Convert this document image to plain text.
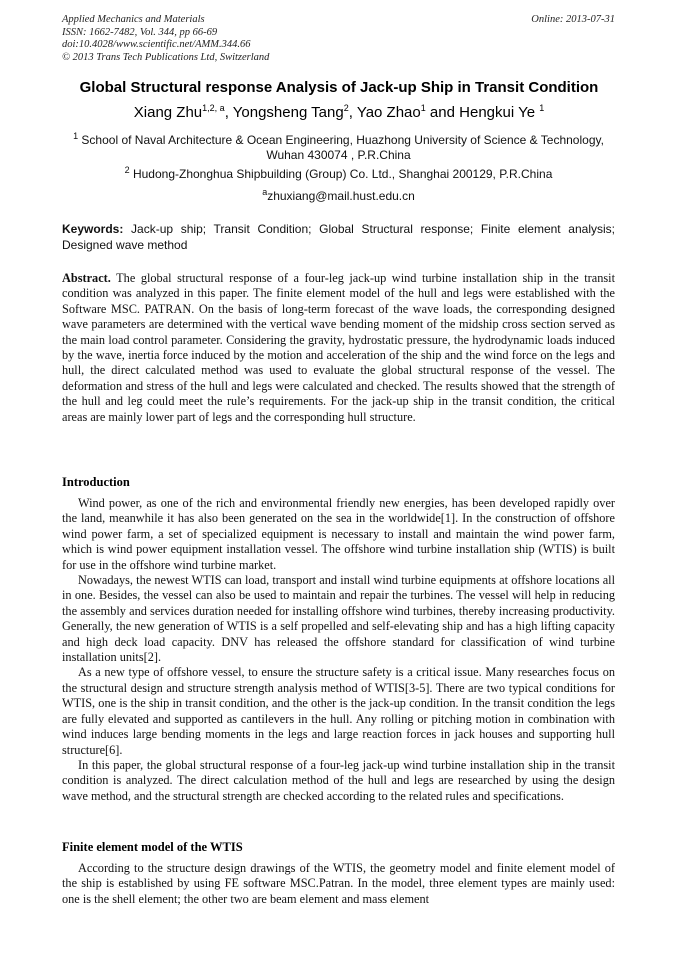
Applied Mechanics and Materials
ISSN: 1662-7482, Vol. 344, pp 66-69
doi:10.4028/www.scientific.net/AMM.344.66
© 2013 Trans Tech Publications Ltd, Switzerland
Online: 2013-07-31
Global Structural response Analysis of Jack-up Ship in Transit Condition
Xiang Zhu$^{1,2, a}$, Yongsheng Tang$^2$, Yao Zhao$^1$ and Hengkui Ye $^1$
$^1$ School of Naval Architecture & Ocean Engineering, Huazhong University of Science & Technology, Wuhan 430074 , P.R.China
$^2$ Hudong-Zhonghua Shipbuilding (Group) Co. Ltd., Shanghai 200129, P.R.China
$^a$zhuxiang@mail.hust.edu.cn
Keywords: Jack-up ship; Transit Condition; Global Structural response; Finite element analysis; Designed wave method
Abstract. The global structural response of a four-leg jack-up wind turbine installation ship in the transit condition was analyzed in this paper. The finite element model of the hull and legs were established with the Software MSC. PATRAN. On the basis of long-term forecast of the wave loads, the corresponding designed wave parameters are determined with the vertical wave bending moment of the midship cross section served as the main load control parameter. Considering the gravity, hydrostatic pressure, the hydrodynamic loads induced by the wave, inertia force induced by the motion and acceleration of the ship and the wind force on the legs and hull, the direct calculated method was used to evaluate the global structural response of the vessel. The deformation and stress of the hull and legs were calculated and checked. The results showed that the strength of the hull and leg could meet the rule’s requirements. For the jack-up ship in the transit condition, the critical areas are mainly lower part of legs and the corresponding hull structure.
Introduction

Wind power, as one of the rich and environmental friendly new energies, has been developed rapidly over the land, meanwhile it has also been generated on the sea in the worldwide[1]. In the construction of offshore wind power farm, a set of specialized equipment is necessary to install and maintain the wind power farm, which is wind power equipment installation vessel. The offshore wind turbine installation ship (WTIS) is built for use in the offshore wind turbine market.

Nowadays, the newest WTIS can load, transport and install wind turbine equipments at offshore locations all in one. Besides, the vessel can also be used to maintain and repair the turbines. The vessel will help in reducing the assembly and services duration needed for installing offshore wind turbines, thereby increasing productivity. Generally, the new generation of WTIS is a self propelled and self-elevating ship and has a high lifting capacity and high deck load capacity. DNV has released the offshore standard for classification of wind turbine installation units[2].

As a new type of offshore vessel, to ensure the structure safety is a critical issue. Many researches focus on the structural design and structure strength analysis method of WTIS[3-5]. There are two typical conditions for WTIS, one is the ship in transit condition, and the other is the jack-up condition. In the transit condition the legs are fully elevated and supported as cantilevers in the hull. Any rolling or pitching motion in combination with wind induces large bending moments in the legs and large reaction forces in jack houses and supporting hull structure[6].

In this paper, the global structural response of a four-leg jack-up wind turbine installation ship in the transit condition is analyzed. The direct calculation method of the hull and legs are researched by using the design wave method, and the structural strength are checked according to the related rules and specifications.

Finite element model of the WTIS

According to the structure design drawings of the WTIS, the geometry model and finite element model of the ship is established by using FE software MSC.Patran. In the model, three element types are mainly used: one is the shell element; the other two are beam element and mass element
